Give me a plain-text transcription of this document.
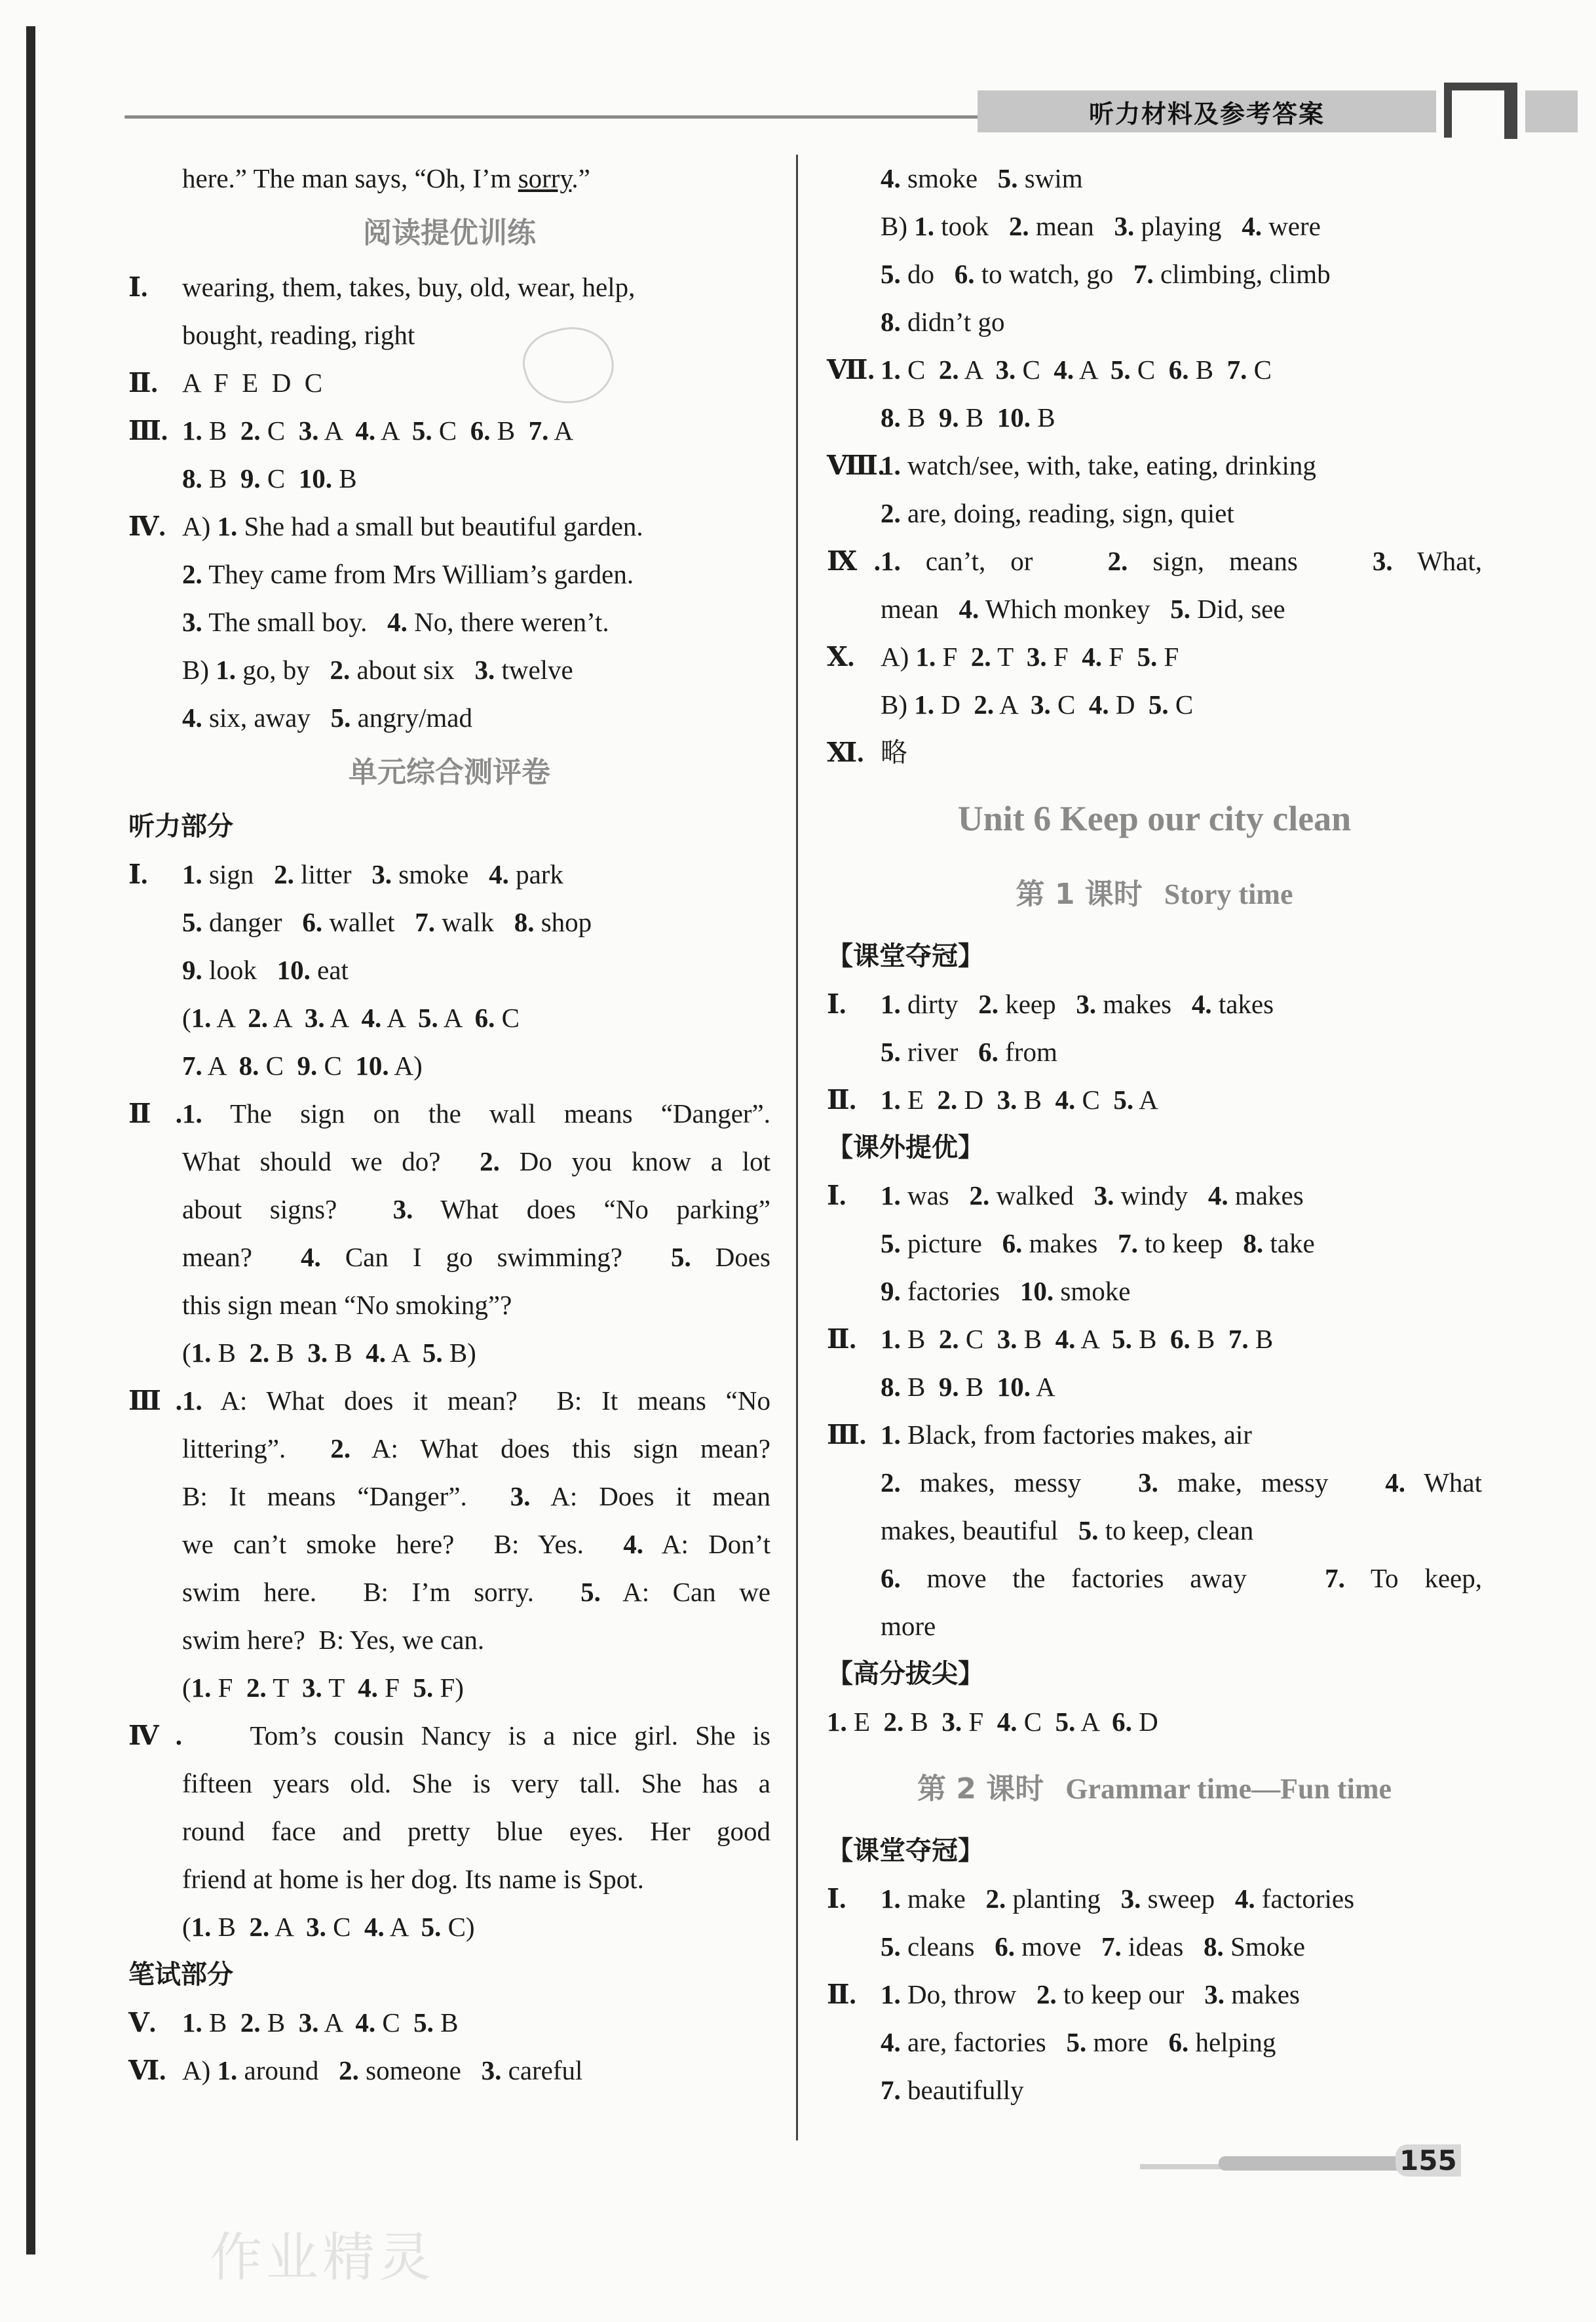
听力材料及参考答案
here.” The man says, “Oh, I’m sorry.”
阅读提优训练
Ⅰ. wearing, them, takes, buy, old, wear, help,
bought, reading, right
Ⅱ. A  F  E  D  C
Ⅲ. 1. B  2. C  3. A  4. A  5. C  6. B  7. A
8. B  9. C  10. B
Ⅳ. A) 1. She had a small but beautiful garden.
2. They came from Mrs William’s garden.
3. The small boy.   4. No, there weren’t.
B) 1. go, by   2. about six   3. twelve
4. six, away   5. angry/mad
单元综合测评卷
听力部分
Ⅰ. 1. sign   2. litter   3. smoke   4. park
5. danger   6. wallet   7. walk   8. shop
9. look   10. eat
(1. A  2. A  3. A  4. A  5. A  6. C
7. A  8. C  9. C  10. A)
Ⅱ.1. The sign on the wall means “Danger”.
What should we do?  2. Do you know a lot
about signs?  3. What does “No parking”
mean?  4. Can I go swimming?  5. Does
this sign mean “No smoking”?
(1. B  2. B  3. B  4. A  5. B)
Ⅲ.1. A: What does it mean?  B: It means “No
littering”.  2. A: What does this sign mean?
B: It means “Danger”.  3. A: Does it mean
we can’t smoke here?  B: Yes.  4. A: Don’t
swim here.  B: I’m sorry.  5. A: Can we
swim here?  B: Yes, we can.
(1. F  2. T  3. T  4. F  5. F)
Ⅳ.    Tom’s cousin Nancy is a nice girl. She is
fifteen years old. She is very tall. She has a
round face and pretty blue eyes. Her good
friend at home is her dog. Its name is Spot.
(1. B  2. A  3. C  4. A  5. C)
笔试部分
Ⅴ. 1. B  2. B  3. A  4. C  5. B
Ⅵ. A) 1. around   2. someone   3. careful
4. smoke   5. swim
B) 1. took   2. mean   3. playing   4. were
5. do   6. to watch, go   7. climbing, climb
8. didn’t go
Ⅶ. 1. C  2. A  3. C  4. A  5. C  6. B  7. C
8. B  9. B  10. B
Ⅷ.1. watch/see, with, take, eating, drinking
2. are, doing, reading, sign, quiet
Ⅸ.1. can’t, or   2. sign, means   3. What,
mean   4. Which monkey   5. Did, see
Ⅹ. A) 1. F  2. T  3. F  4. F  5. F
B) 1. D  2. A  3. C  4. D  5. C
Ⅺ. 略
Unit 6 Keep our city clean
第 1 课时   Story time
【课堂夺冠】
Ⅰ. 1. dirty   2. keep   3. makes   4. takes
5. river   6. from
Ⅱ. 1. E  2. D  3. B  4. C  5. A
【课外提优】
Ⅰ. 1. was   2. walked   3. windy   4. makes
5. picture   6. makes   7. to keep   8. take
9. factories   10. smoke
Ⅱ. 1. B  2. C  3. B  4. A  5. B  6. B  7. B
8. B  9. B  10. A
Ⅲ. 1. Black, from factories makes, air
2. makes, messy   3. make, messy   4. What
makes, beautiful   5. to keep, clean
6. move the factories away   7. To keep,
more
【高分拔尖】
1. E  2. B  3. F  4. C  5. A  6. D
第 2 课时   Grammar time—Fun time
【课堂夺冠】
Ⅰ. 1. make   2. planting   3. sweep   4. factories
5. cleans   6. move   7. ideas   8. Smoke
Ⅱ. 1. Do, throw   2. to keep our   3. makes
4. are, factories   5. more   6. helping
7. beautifully
155
作业精灵
